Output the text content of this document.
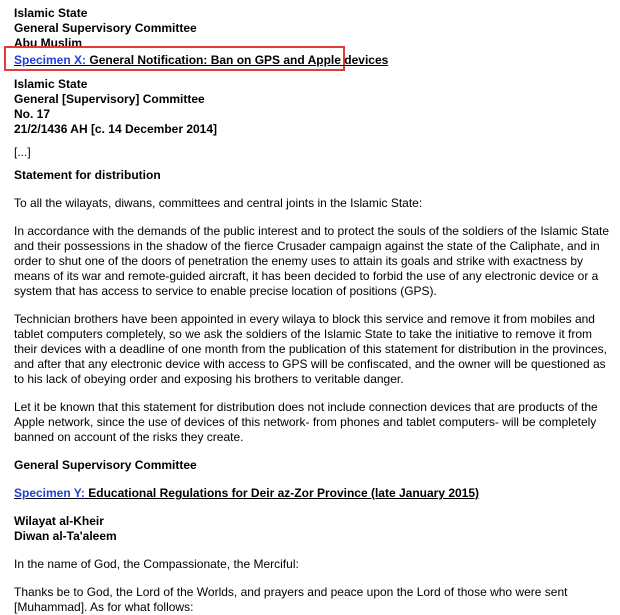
Islamic State
General Supervisory Committee
Abu Muslim
Specimen X: General Notification: Ban on GPS and Apple devices
Islamic State
General [Supervisory] Committee
No. 17
21/2/1436 AH [c. 14 December 2014]

[...]

Statement for distribution

To all the wilayats, diwans, committees and central joints in the Islamic State:

In accordance with the demands of the public interest and to protect the souls of the soldiers of the Islamic State and their possessions in the shadow of the fierce Crusader campaign against the state of the Caliphate, and in order to shut one of the doors of penetration the enemy uses to attain its goals and strike with exactness by means of its war and remote-guided aircraft, it has been decided to forbid the use of any electronic device or a system that has access to service to enable precise location of positions (GPS).

Technician brothers have been appointed in every wilaya to block this service and remove it from mobiles and tablet computers completely, so we ask the soldiers of the Islamic State to take the initiative to remove it from their devices with a deadline of one month from the publication of this statement for distribution in the provinces, and after that any electronic device with access to GPS will be confiscated, and the owner will be questioned as to his lack of obeying order and exposing his brothers to veritable danger.

Let it be known that this statement for distribution does not include connection devices that are products of the Apple network, since the use of devices of this network- from phones and tablet computers- will be completely banned on account of the risks they create.

General Supervisory Committee

Specimen Y: Educational Regulations for Deir az-Zor Province (late January 2015)

Wilayat al-Kheir
Diwan al-Ta'aleem

In the name of God, the Compassionate, the Merciful:

Thanks be to God, the Lord of the Worlds, and prayers and peace upon the Lord of those who were sent [Muhammad]. As for what follows:
